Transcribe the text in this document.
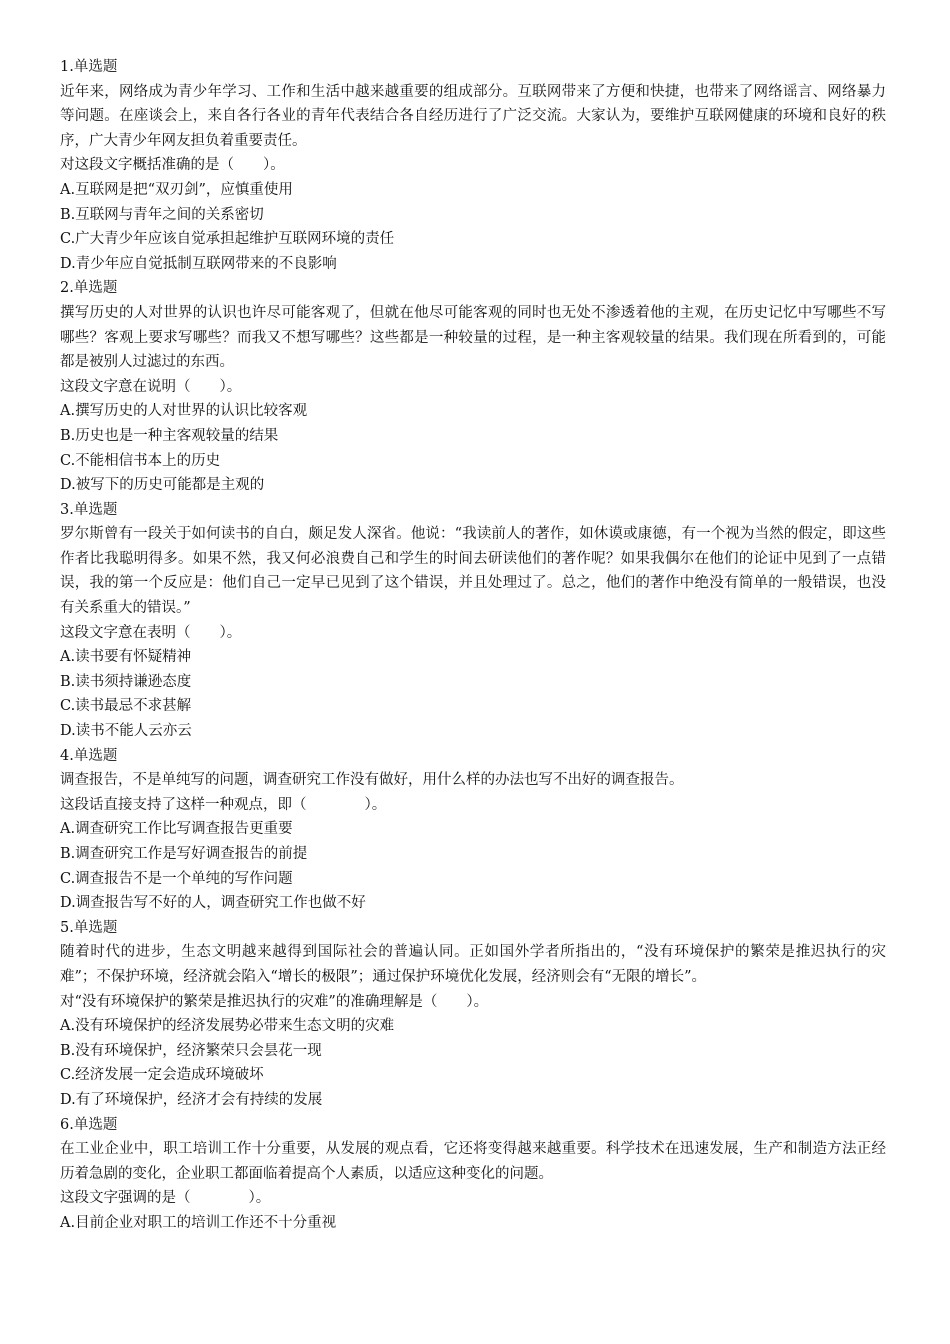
1.单选题
近年来，网络成为青少年学习、工作和生活中越来越重要的组成部分。互联网带来了方便和快捷，也带来了网络谣言、网络暴力等问题。在座谈会上，来自各行各业的青年代表结合各自经历进行了广泛交流。大家认为，要维护互联网健康的环境和良好的秩序，广大青少年网友担负着重要责任。
对这段文字概括准确的是（　　）。
A.互联网是把“双刃剑”，应慎重使用
B.互联网与青年之间的关系密切
C.广大青少年应该自觉承担起维护互联网环境的责任
D.青少年应自觉抵制互联网带来的不良影响
2.单选题
撰写历史的人对世界的认识也许尽可能客观了，但就在他尽可能客观的同时也无处不渗透着他的主观，在历史记忆中写哪些不写哪些？客观上要求写哪些？而我又不想写哪些？这些都是一种较量的过程，是一种主客观较量的结果。我们现在所看到的，可能都是被别人过滤过的东西。
这段文字意在说明（　　）。
A.撰写历史的人对世界的认识比较客观
B.历史也是一种主客观较量的结果
C.不能相信书本上的历史
D.被写下的历史可能都是主观的
3.单选题
罗尔斯曾有一段关于如何读书的自白，颇足发人深省。他说：“我读前人的著作，如休谟或康德，有一个视为当然的假定，即这些作者比我聪明得多。如果不然，我又何必浪费自己和学生的时间去研读他们的著作呢？如果我偶尔在他们的论证中见到了一点错误，我的第一个反应是：他们自己一定早已见到了这个错误，并且处理过了。总之，他们的著作中绝没有简单的一般错误，也没有关系重大的错误。”
这段文字意在表明（　　）。
A.读书要有怀疑精神
B.读书须持谦逊态度
C.读书最忌不求甚解
D.读书不能人云亦云
4.单选题
调查报告，不是单纯写的问题，调查研究工作没有做好，用什么样的办法也写不出好的调查报告。
这段话直接支持了这样一种观点，即（　　　　）。
A.调查研究工作比写调查报告更重要
B.调查研究工作是写好调查报告的前提
C.调查报告不是一个单纯的写作问题
D.调查报告写不好的人，调查研究工作也做不好
5.单选题
随着时代的进步，生态文明越来越得到国际社会的普遍认同。正如国外学者所指出的，“没有环境保护的繁荣是推迟执行的灾难”；不保护环境，经济就会陷入“增长的极限”；通过保护环境优化发展，经济则会有“无限的增长”。
对“没有环境保护的繁荣是推迟执行的灾难”的准确理解是（　　）。
A.没有环境保护的经济发展势必带来生态文明的灾难
B.没有环境保护，经济繁荣只会昙花一现
C.经济发展一定会造成环境破坏
D.有了环境保护，经济才会有持续的发展
6.单选题
在工业企业中，职工培训工作十分重要，从发展的观点看，它还将变得越来越重要。科学技术在迅速发展，生产和制造方法正经历着急剧的变化，企业职工都面临着提高个人素质，以适应这种变化的问题。
这段文字强调的是（　　　　）。
A.目前企业对职工的培训工作还不十分重视
